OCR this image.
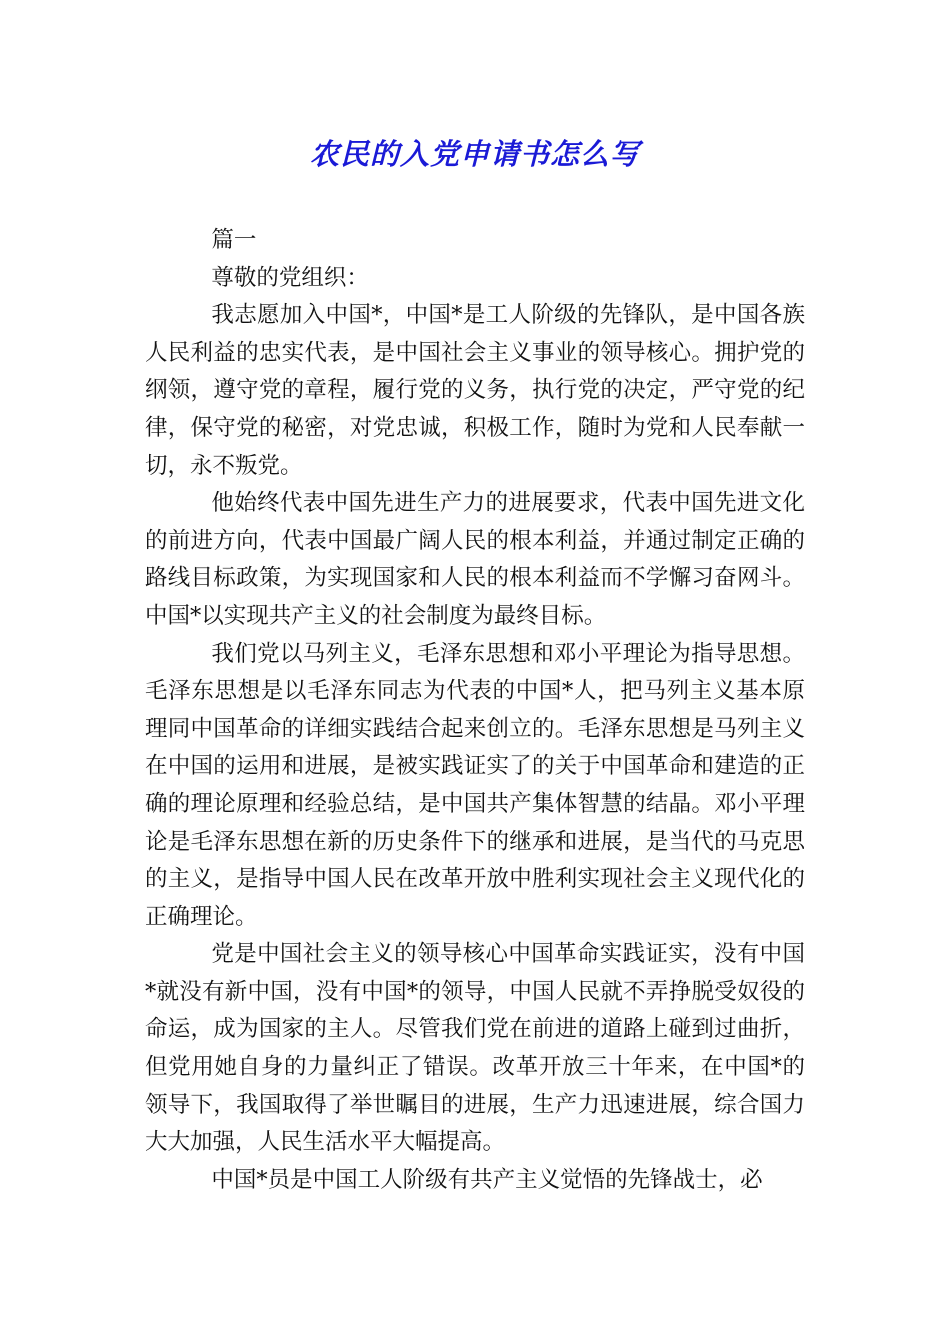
农民的入党申请书怎么写

篇一

尊敬的党组织：

我志愿加入中国*，中国*是工人阶级的先锋队，是中国各族人民利益的忠实代表，是中国社会主义事业的领导核心。拥护党的纲领，遵守党的章程，履行党的义务，执行党的决定，严守党的纪律，保守党的秘密，对党忠诚，积极工作，随时为党和人民奉献一切，永不叛党。

他始终代表中国先进生产力的进展要求，代表中国先进文化的前进方向，代表中国最广阔人民的根本利益，并通过制定正确的路线目标政策，为实现国家和人民的根本利益而不学懈习奋网斗。中国*以实现共产主义的社会制度为最终目标。

我们党以马列主义，毛泽东思想和邓小平理论为指导思想。毛泽东思想是以毛泽东同志为代表的中国*人，把马列主义基本原理同中国革命的详细实践结合起来创立的。毛泽东思想是马列主义在中国的运用和进展，是被实践证实了的关于中国革命和建造的正确的理论原理和经验总结，是中国共产集体智慧的结晶。邓小平理论是毛泽东思想在新的历史条件下的继承和进展，是当代的马克思的主义，是指导中国人民在改革开放中胜利实现社会主义现代化的正确理论。

党是中国社会主义的领导核心中国革命实践证实，没有中国*就没有新中国，没有中国*的领导，中国人民就不弄挣脱受奴役的命运，成为国家的主人。尽管我们党在前进的道路上碰到过曲折，但党用她自身的力量纠正了错误。改革开放三十年来，在中国*的领导下，我国取得了举世瞩目的进展，生产力迅速进展，综合国力大大加强，人民生活水平大幅提高。

中国*员是中国工人阶级有共产主义觉悟的先锋战士，必
